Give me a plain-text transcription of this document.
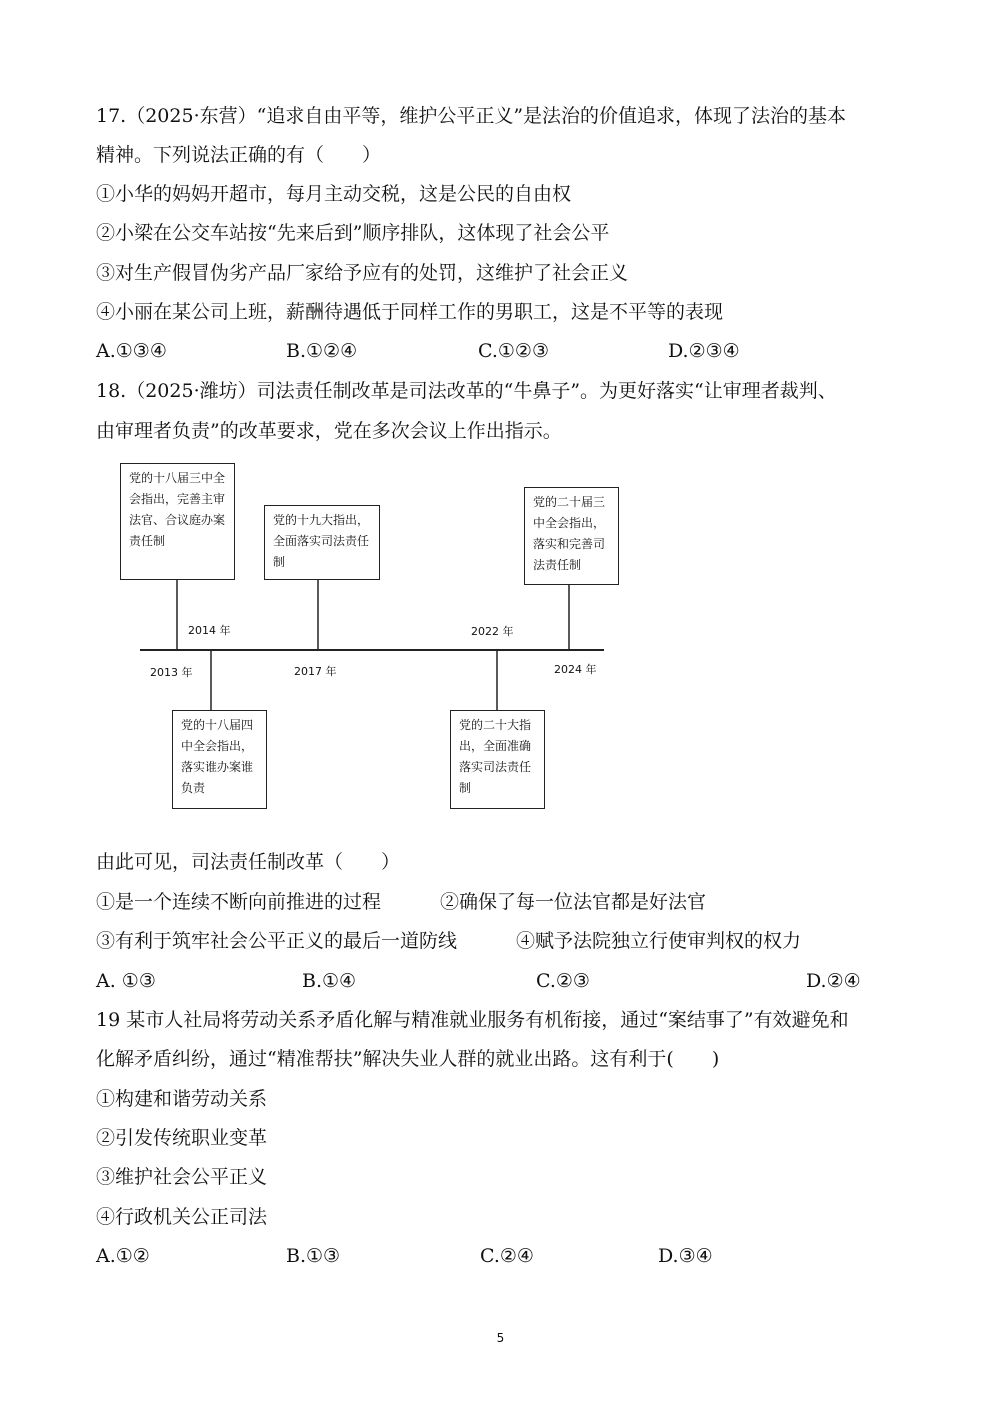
17.（2025·东营）“追求自由平等，维护公平正义”是法治的价值追求，体现了法治的基本
精神。下列说法正确的有（　　）
①小华的妈妈开超市，每月主动交税，这是公民的自由权
②小梁在公交车站按“先来后到”顺序排队，这体现了社会公平
③对生产假冒伪劣产品厂家给予应有的处罚，这维护了社会正义
④小丽在某公司上班，薪酬待遇低于同样工作的男职工，这是不平等的表现
A.①③④	B.①②④	C.①②③	D.②③④
18.（2025·潍坊）司法责任制改革是司法改革的“牛鼻子”。为更好落实“让审理者裁判、
由审理者负责”的改革要求，党在多次会议上作出指示。
党的十八届三中全会指出，完善主审法官、合议庭办案责任制
党的十九大指出，全面落实司法责任制
党的二十届三中全会指出，落实和完善司法责任制
党的十八届四中全会指出，落实谁办案谁负责
党的二十大指出，全面准确落实司法责任制
2014 年
2013 年	2017 年
2022 年
2024 年
由此可见，司法责任制改革（　　）
①是一个连续不断向前推进的过程	②确保了每一位法官都是好法官
③有利于筑牢社会公平正义的最后一道防线	④赋予法院独立行使审判权的权力
A. ①③	B.①④	C.②③	D.②④
19 某市人社局将劳动关系矛盾化解与精准就业服务有机衔接，通过“案结事了”有效避免和
化解矛盾纠纷，通过“精准帮扶”解决失业人群的就业出路。这有利于(　　)
①构建和谐劳动关系
②引发传统职业变革
③维护社会公平正义
④行政机关公正司法
A.①②	B.①③	C.②④	D.③④
5
